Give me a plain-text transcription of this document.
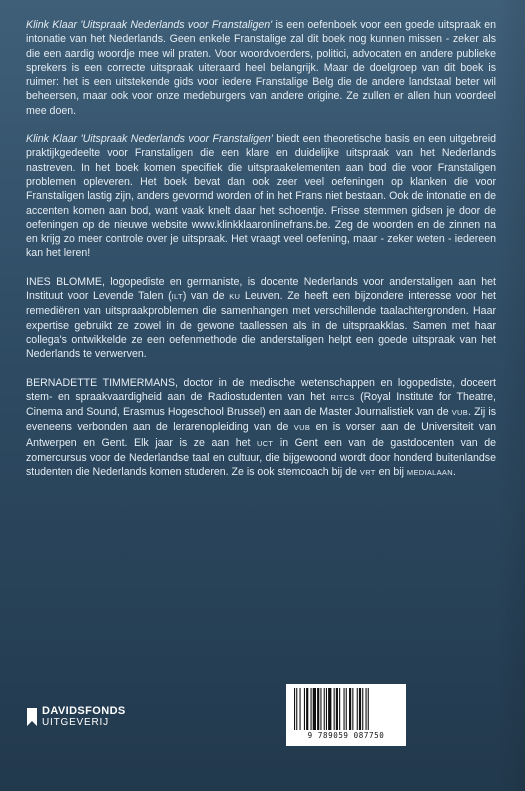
Klink Klaar 'Uitspraak Nederlands voor Franstaligen' is een oefenboek voor een goede uitspraak en intonatie van het Nederlands. Geen enkele Franstalige zal dit boek nog kunnen missen - zeker als die een aardig woordje mee wil praten. Voor woordvoerders, politici, advocaten en andere publieke sprekers is een correcte uitspraak uiteraard heel belangrijk. Maar de doelgroep van dit boek is ruimer: het is een uitstekende gids voor iedere Franstalige Belg die de andere landstaal beter wil beheersen, maar ook voor onze medeburgers van andere origine. Ze zullen er allen hun voordeel mee doen.

Klink Klaar 'Uitspraak Nederlands voor Franstaligen' biedt een theoretische basis en een uitgebreid praktijkgedeelte voor Franstaligen die een klare en duidelijke uitspraak van het Nederlands nastreven. In het boek komen specifiek die uitspraakelementen aan bod die voor Franstaligen problemen opleveren. Het boek bevat dan ook zeer veel oefeningen op klanken die voor Franstaligen lastig zijn, anders gevormd worden of in het Frans niet bestaan. Ook de intonatie en de accenten komen aan bod, want vaak knelt daar het schoentje. Frisse stemmen gidsen je door de oefeningen op de nieuwe website www.klinkklaaronlinefrans.be. Zeg de woorden en de zinnen na en krijg zo meer controle over je uitspraak. Het vraagt veel oefening, maar - zeker weten - iedereen kan het leren!

INES BLOMME, logopediste en germaniste, is docente Nederlands voor anderstaligen aan het Instituut voor Levende Talen (ILT) van de KU Leuven. Ze heeft een bijzondere interesse voor het remediëren van uitspraakproblemen die samenhangen met verschillende taalachtergronden. Haar expertise gebruikt ze zowel in de gewone taallessen als in de uitspraakklas. Samen met haar collega's ontwikkelde ze een oefenmethode die anderstaligen helpt een goede uitspraak van het Nederlands te verwerven.

BERNADETTE TIMMERMANS, doctor in de medische wetenschappen en logopediste, doceert stem- en spraakvaardigheid aan de Radiostudenten van het RITCS (Royal Institute for Theatre, Cinema and Sound, Erasmus Hogeschool Brussel) en aan de Master Journalistiek van de VUB. Zij is eveneens verbonden aan de lerarenopleiding van de VUB en is vorser aan de Universiteit van Antwerpen en Gent. Elk jaar is ze aan het UCT in Gent een van de gastdocenten van de zomercursus voor de Nederlandse taal en cultuur, die bijgewoond wordt door honderd buitenlandse studenten die Nederlands komen studeren. Ze is ook stemcoach bij de VRT en bij MEDIALAAN.

DAVIDSFONDS
UITGEVERIJ
9 789059 087750
